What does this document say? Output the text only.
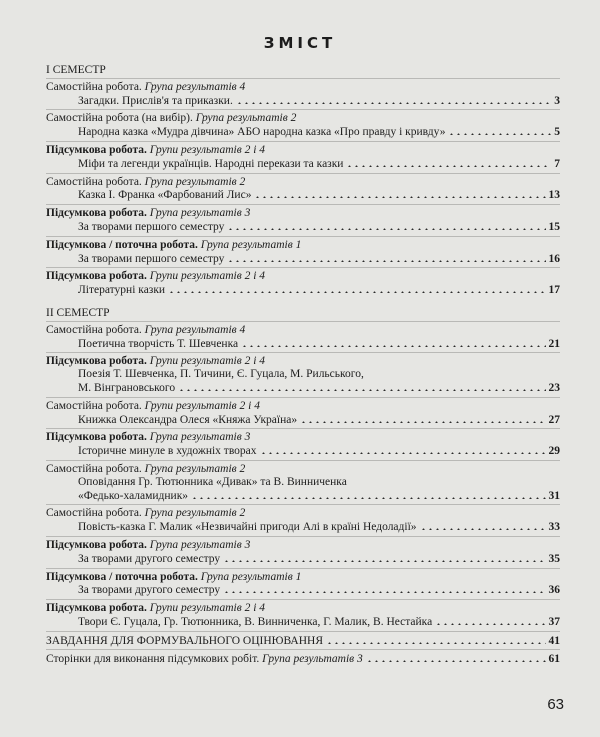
ЗМІСТ
I СЕМЕСТР
Самостійна робота. Група результатів 4
Загадки. Прислів'я та приказки.	3
Самостійна робота (на вибір). Група результатів 2
Народна казка «Мудра дівчина» АБО народна казка «Про правду і кривду»	5
Підсумкова робота. Групи результатів 2 і 4
Міфи та легенди українців. Народні перекази та казки	7
Самостійна робота. Група результатів 2
Казка І. Франка «Фарбований Лис»	13
Підсумкова робота. Група результатів 3
За творами першого семестру	15
Підсумкова / поточна робота. Група результатів 1
За творами першого семестру	16
Підсумкова робота. Групи результатів 2 і 4
Літературні казки	17
II СЕМЕСТР
Самостійна робота. Група результатів 4
Поетична творчість Т. Шевченка	21
Підсумкова робота. Групи результатів 2 і 4
Поезія Т. Шевченка, П. Тичини, Є. Гуцала, М. Рильського,
М. Вінграновського	23
Самостійна робота. Групи результатів 2 і 4
Книжка Олександра Олеся «Княжа Україна»	27
Підсумкова робота. Група результатів 3
Історичне минуле в художніх творах	29
Самостійна робота. Група результатів 2
Оповідання Гр. Тютюнника «Дивак» та В. Винниченка
«Федько-халамидник»	31
Самостійна робота. Група результатів 2
Повість-казка Г. Малик «Незвичайні пригоди Алі в країні Недоладії»	33
Підсумкова робота. Група результатів 3
За творами другого семестру	35
Підсумкова / поточна робота. Група результатів 1
За творами другого семестру	36
Підсумкова робота. Групи результатів 2 і 4
Твори Є. Гуцала, Гр. Тютюнника, В. Винниченка, Г. Малик, В. Нестайка	37
ЗАВДАННЯ ДЛЯ ФОРМУВАЛЬНОГО ОЦІНЮВАННЯ	41
Сторінки для виконання підсумкових робіт. Група результатів 3	61
63
